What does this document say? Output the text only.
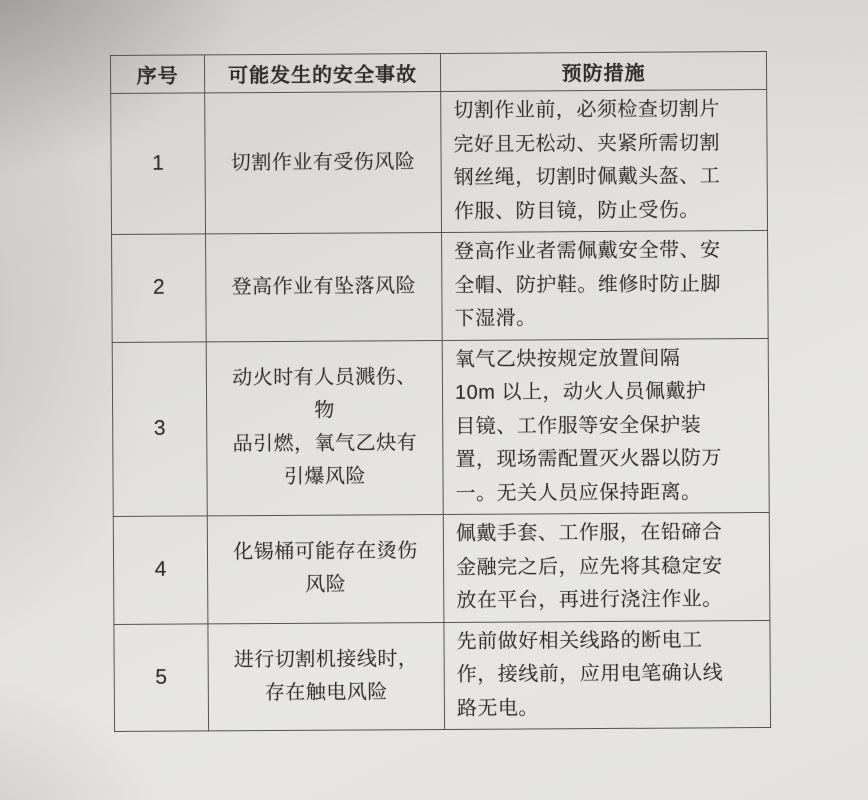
序号	可能发生的安全事故	预防措施
1	切割作业有受伤风险	切割作业前，必须检查切割片
完好且无松动、夹紧所需切割
钢丝绳，切割时佩戴头盔、工
作服、防目镜，防止受伤。
2	登高作业有坠落风险	登高作业者需佩戴安全带、安
全帽、防护鞋。维修时防止脚
下湿滑。
3	动火时有人员溅伤、
物
品引燃，氧气乙炔有
引爆风险	氧气乙炔按规定放置间隔
10m 以上，动火人员佩戴护
目镜、工作服等安全保护装
置，现场需配置灭火器以防万
一。无关人员应保持距离。
4	化锡桶可能存在烫伤
风险	佩戴手套、工作服，在铅碲合
金融完之后，应先将其稳定安
放在平台，再进行浇注作业。
5	进行切割机接线时，
存在触电风险	先前做好相关线路的断电工
作，接线前，应用电笔确认线
路无电。
